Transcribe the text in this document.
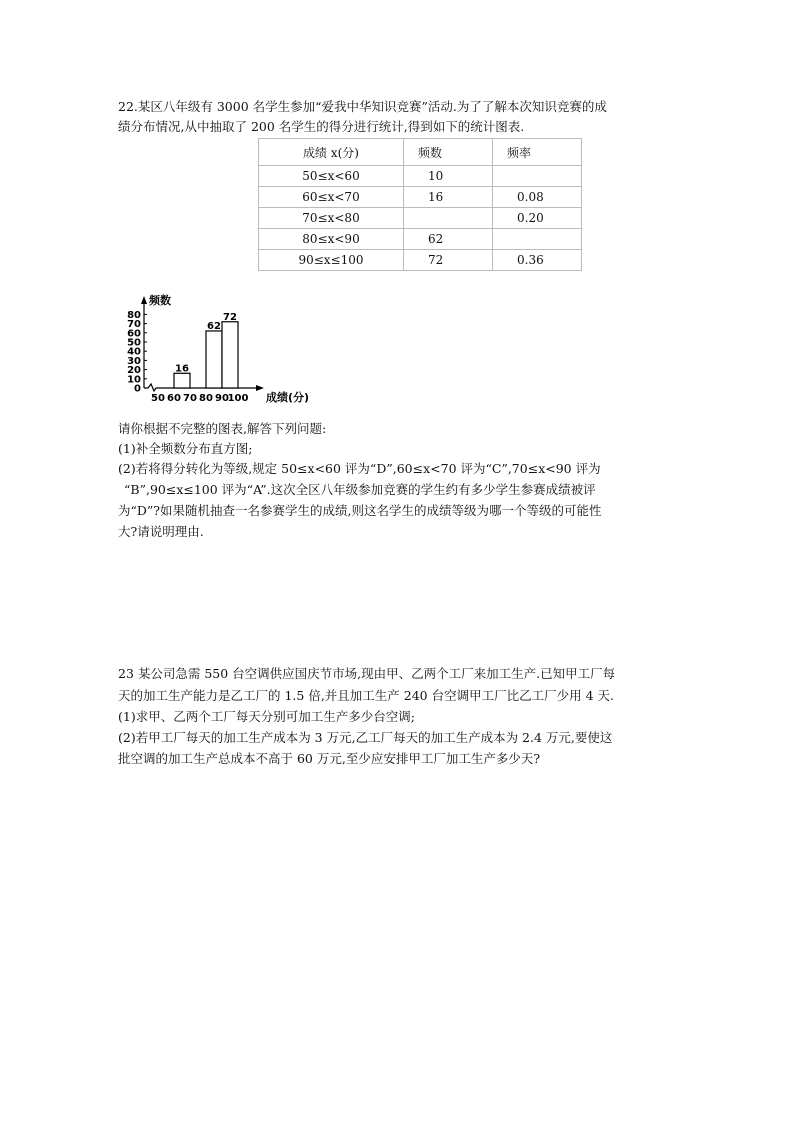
22.某区八年级有 3000 名学生参加“爱我中华知识竞赛”活动.为了了解本次知识竞赛的成
绩分布情况,从中抽取了 200 名学生的得分进行统计,得到如下的统计图表.
成绩 x(分)	频数	频率
50≤x<60	10	
60≤x<70	16	0.08
70≤x<80		0.20
80≤x<90	62	
90≤x≤100	72	0.36
0
10
20
30
40
50
60
70
80
50 60 70 80 90
100
频数
成绩(分)
16
62
72
请你根据不完整的图表,解答下列问题:
(1)补全频数分布直方图;
(2)若将得分转化为等级,规定 50≤x<60 评为“D”,60≤x<70 评为“C”,70≤x<90 评为
“B”,90≤x≤100 评为“A”.这次全区八年级参加竞赛的学生约有多少学生参赛成绩被评
为“D”?如果随机抽查一名参赛学生的成绩,则这名学生的成绩等级为哪一个等级的可能性
大?请说明理由.
23 某公司急需 550 台空调供应国庆节市场,现由甲、乙两个工厂来加工生产.已知甲工厂每
天的加工生产能力是乙工厂的 1.5 倍,并且加工生产 240 台空调甲工厂比乙工厂少用 4 天.
(1)求甲、乙两个工厂每天分别可加工生产多少台空调;
(2)若甲工厂每天的加工生产成本为 3 万元,乙工厂每天的加工生产成本为 2.4 万元,要使这
批空调的加工生产总成本不高于 60 万元,至少应安排甲工厂加工生产多少天?
